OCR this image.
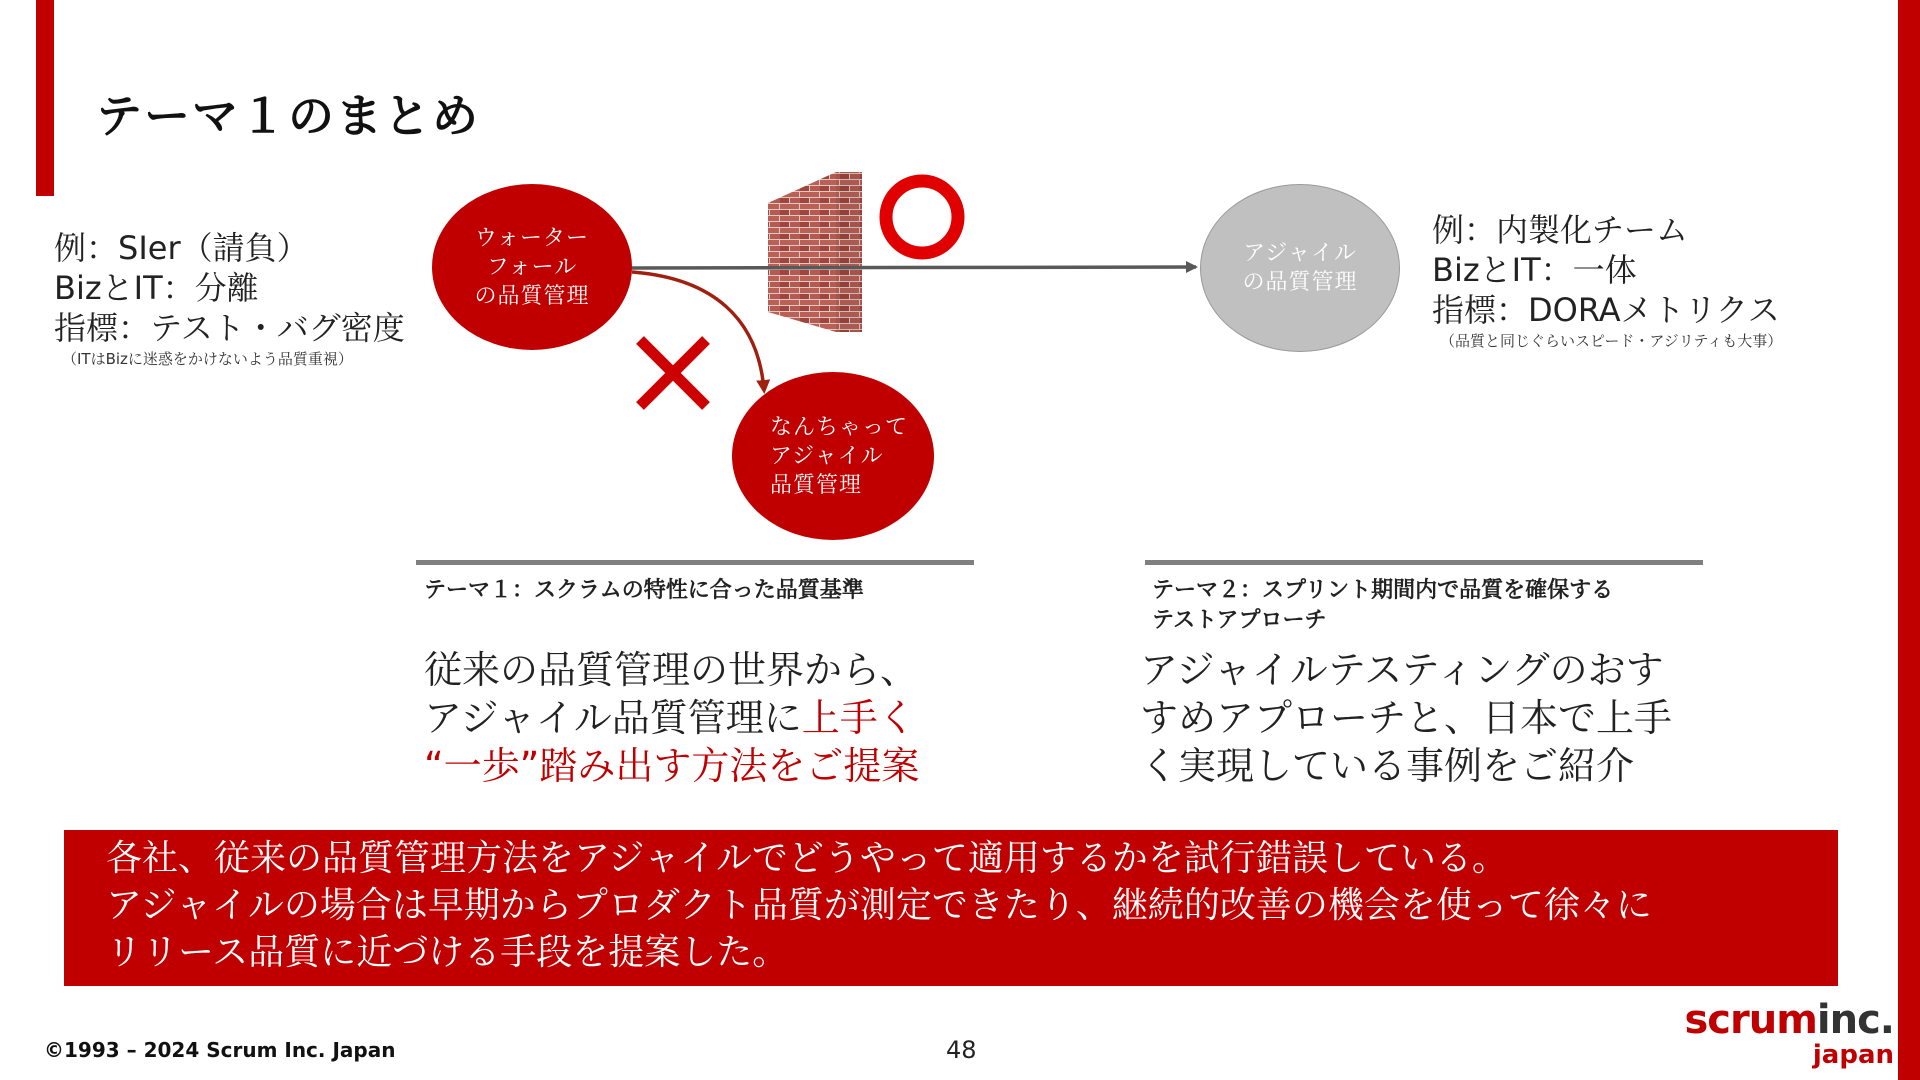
テーマ１のまとめ
例：SIer（請負）
BizとIT：分離
指標：テスト・バグ密度
（ITはBizに迷惑をかけないよう品質重視）
例：内製化チーム
BizとIT：一体
指標：DORAメトリクス
（品質と同じぐらいスピード・アジリティも大事）
ウォーター
フォール
の品質管理
なんちゃって
アジャイル
品質管理
アジャイル
の品質管理
テーマ１：スクラムの特性に合った品質基準	テーマ２：スプリント期間内で品質を確保する
テストアプローチ
従来の品質管理の世界から、
アジャイル品質管理に上手く
“一歩”踏み出す方法をご提案
アジャイルテスティングのおす
すめアプローチと、日本で上手
く実現している事例をご紹介
各社、従来の品質管理方法をアジャイルでどうやって適用するかを試行錯誤している。
アジャイルの場合は早期からプロダクト品質が測定できたり、継続的改善の機会を使って徐々に
リリース品質に近づける手段を提案した。
©1993 – 2024 Scrum Inc. Japan	48
scruminc.
japan
